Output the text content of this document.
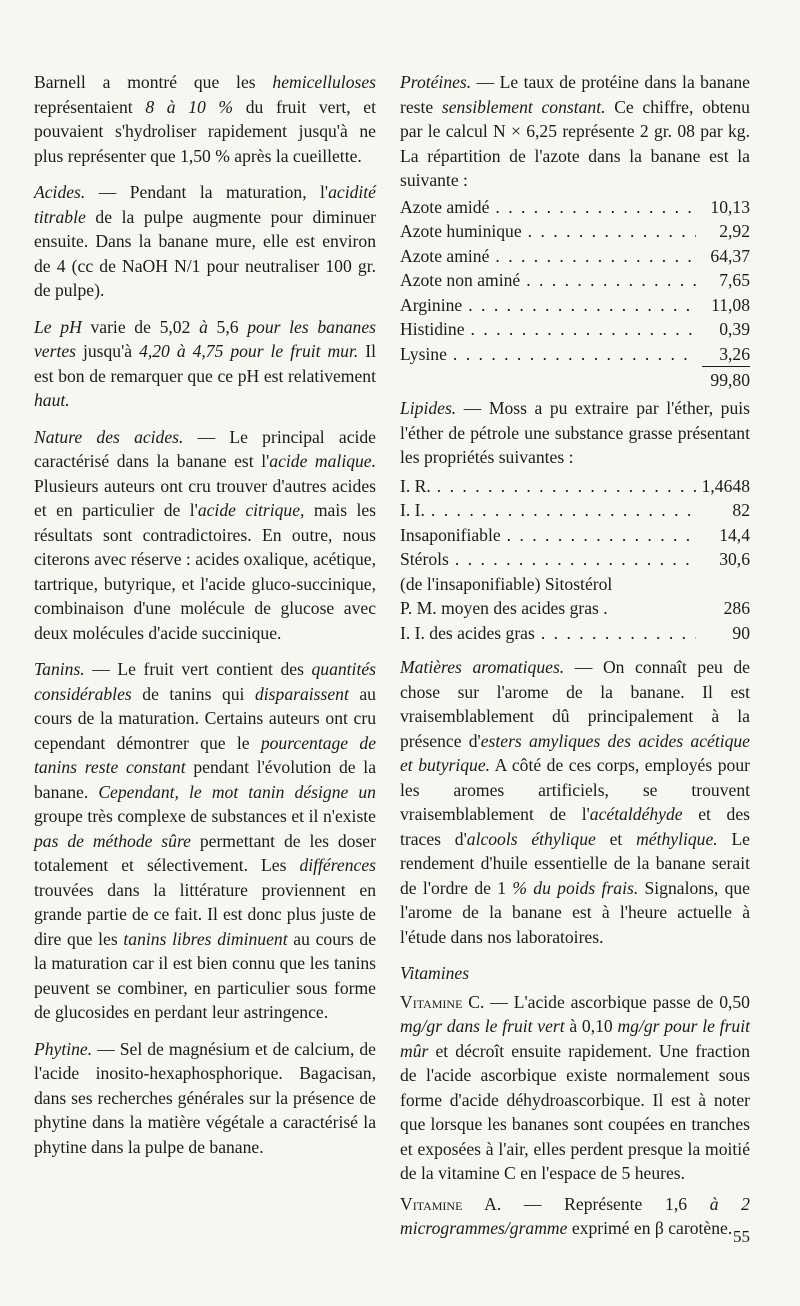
Barnell a montré que les hemicelluloses représentaient 8 à 10 % du fruit vert, et pouvaient s'hydroliser rapidement jusqu'à ne plus représenter que 1,50 % après la cueillette.

Acides. — Pendant la maturation, l'acidité titrable de la pulpe augmente pour diminuer ensuite. Dans la banane mure, elle est environ de 4 (cc de NaOH N/1 pour neutraliser 100 gr. de pulpe).

Le pH varie de 5,02 à 5,6 pour les bananes vertes jusqu'à 4,20 à 4,75 pour le fruit mur. Il est bon de remarquer que ce pH est relativement haut.

Nature des acides. — Le principal acide caractérisé dans la banane est l'acide malique. Plusieurs auteurs ont cru trouver d'autres acides et en particulier de l'acide citrique, mais les résultats sont contradictoires. En outre, nous citerons avec réserve : acides oxalique, acétique, tartrique, butyrique, et l'acide gluco-succinique, combinaison d'une molécule de glucose avec deux molécules d'acide succinique.

Tanins. — Le fruit vert contient des quantités considérables de tanins qui disparaissent au cours de la maturation. Certains auteurs ont cru cependant démontrer que le pourcentage de tanins reste constant pendant l'évolution de la banane. Cependant, le mot tanin désigne un groupe très complexe de substances et il n'existe pas de méthode sûre permettant de les doser totalement et sélectivement. Les différences trouvées dans la littérature proviennent en grande partie de ce fait. Il est donc plus juste de dire que les tanins libres diminuent au cours de la maturation car il est bien connu que les tanins peuvent se combiner, en particulier sous forme de glucosides en perdant leur astringence.

Phytine. — Sel de magnésium et de calcium, de l'acide inosito-hexaphosphorique. Bagacisan, dans ses recherches générales sur la présence de phytine dans la matière végétale a caractérisé la phytine dans la pulpe de banane.

Protéines. — Le taux de protéine dans la banane reste sensiblement constant. Ce chiffre, obtenu par le calcul N × 6,25 représente 2 gr. 08 par kg. La répartition de l'azote dans la banane est la suivante :

Azote amidé . . .	10,13
Azote huminique . . .	2,92
Azote aminé . . .	64,37
Azote non aminé . . .	7,65
Arginine . . .	11,08
Histidine . . .	0,39
Lysine . . .	3,26
99,80

Lipides. — Moss a pu extraire par l'éther, puis l'éther de pétrole une substance grasse présentant les propriétés suivantes :

I. R. . . .	1,4648
I. I. . . .	82
Insaponifiable . . .	14,4
Stérols . . .	30,6
(de l'insaponifiable) Sitostérol
P. M. moyen des acides gras .	286
I. I. des acides gras . . .	90

Matières aromatiques. — On connaît peu de chose sur l'arome de la banane. Il est vraisemblablement dû principalement à la présence d'esters amyliques des acides acétique et butyrique. A côté de ces corps, employés pour les aromes artificiels, se trouvent vraisemblablement de l'acétaldéhyde et des traces d'alcools éthylique et méthylique. Le rendement d'huile essentielle de la banane serait de l'ordre de 1 % du poids frais. Signalons, que l'arome de la banane est à l'heure actuelle à l'étude dans nos laboratoires.

Vitamines

Vitamine C. — L'acide ascorbique passe de 0,50 mg/gr dans le fruit vert à 0,10 mg/gr pour le fruit mûr et décroît ensuite rapidement. Une fraction de l'acide ascorbique existe normalement sous forme d'acide déhydroascorbique. Il est à noter que lorsque les bananes sont coupées en tranches et exposées à l'air, elles perdent presque la moitié de la vitamine C en l'espace de 5 heures.

Vitamine A. — Représente 1,6 à 2 microgrammes/gramme exprimé en β carotène. 55
